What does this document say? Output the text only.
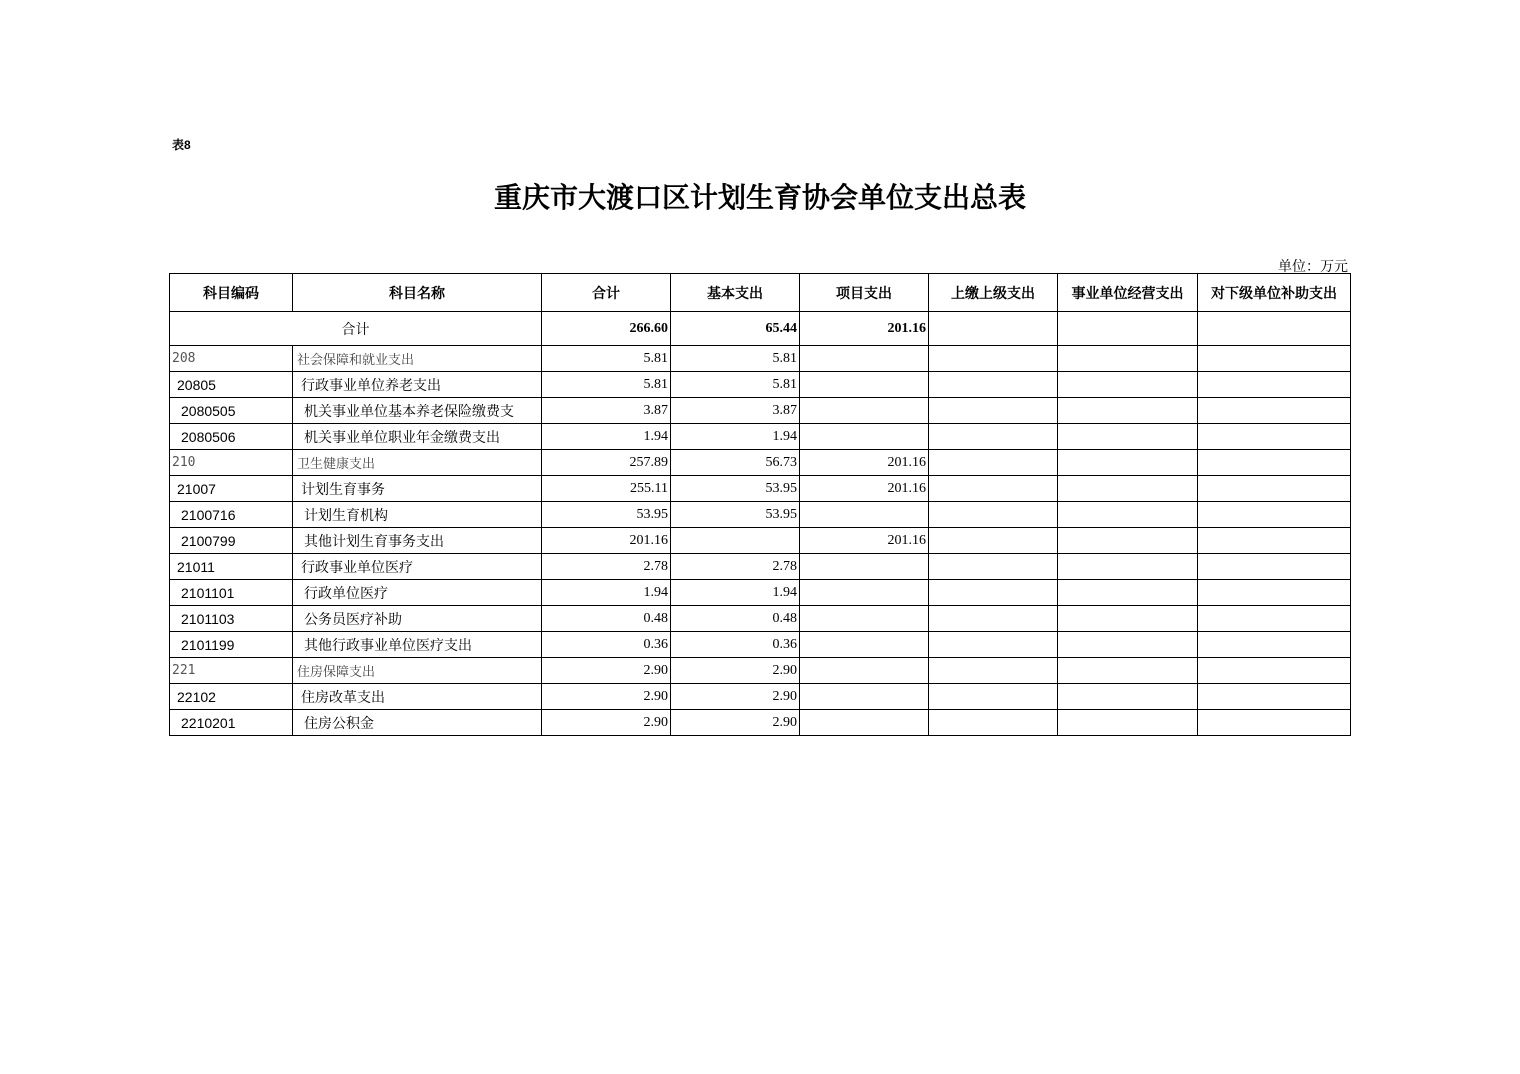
表8
重庆市大渡口区计划生育协会单位支出总表
单位：万元
科目编码	科目名称	合计	基本支出	项目支出	上缴上级支出	事业单位经营支出	对下级单位补助支出
合计		266.60	65.44	201.16			
208	社会保障和就业支出	5.81	5.81				
20805	行政事业单位养老支出	5.81	5.81				
2080505	机关事业单位基本养老保险缴费支	3.87	3.87				
2080506	机关事业单位职业年金缴费支出	1.94	1.94				
210	卫生健康支出	257.89	56.73	201.16			
21007	计划生育事务	255.11	53.95	201.16			
2100716	计划生育机构	53.95	53.95				
2100799	其他计划生育事务支出	201.16		201.16			
21011	行政事业单位医疗	2.78	2.78				
2101101	行政单位医疗	1.94	1.94				
2101103	公务员医疗补助	0.48	0.48				
2101199	其他行政事业单位医疗支出	0.36	0.36				
221	住房保障支出	2.90	2.90				
22102	住房改革支出	2.90	2.90				
2210201	住房公积金	2.90	2.90				
